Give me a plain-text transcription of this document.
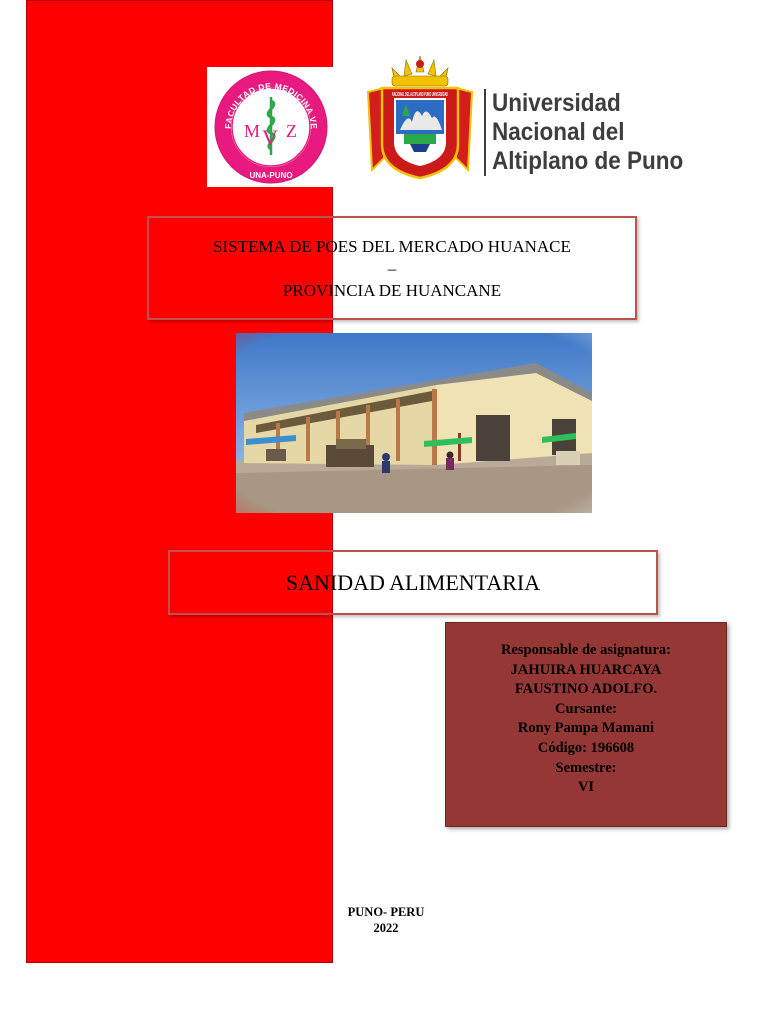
FACULTAD DE MEDICINA VE
UNA-PUNO
M V Z
NACIONAL DEL ALTIPLANO PUNO UNIVERSIDAD Universidad
Nacional del
Altiplano de Puno
SISTEMA DE POES DEL MERCADO HUANACE
–
PROVINCIA DE HUANCANE
SANIDAD ALIMENTARIA
Responsable de asignatura:
JAHUIRA HUARCAYA
FAUSTINO ADOLFO.
Cursante:
Rony Pampa Mamani
Código: 196608
Semestre:
VI
PUNO- PERU
2022
